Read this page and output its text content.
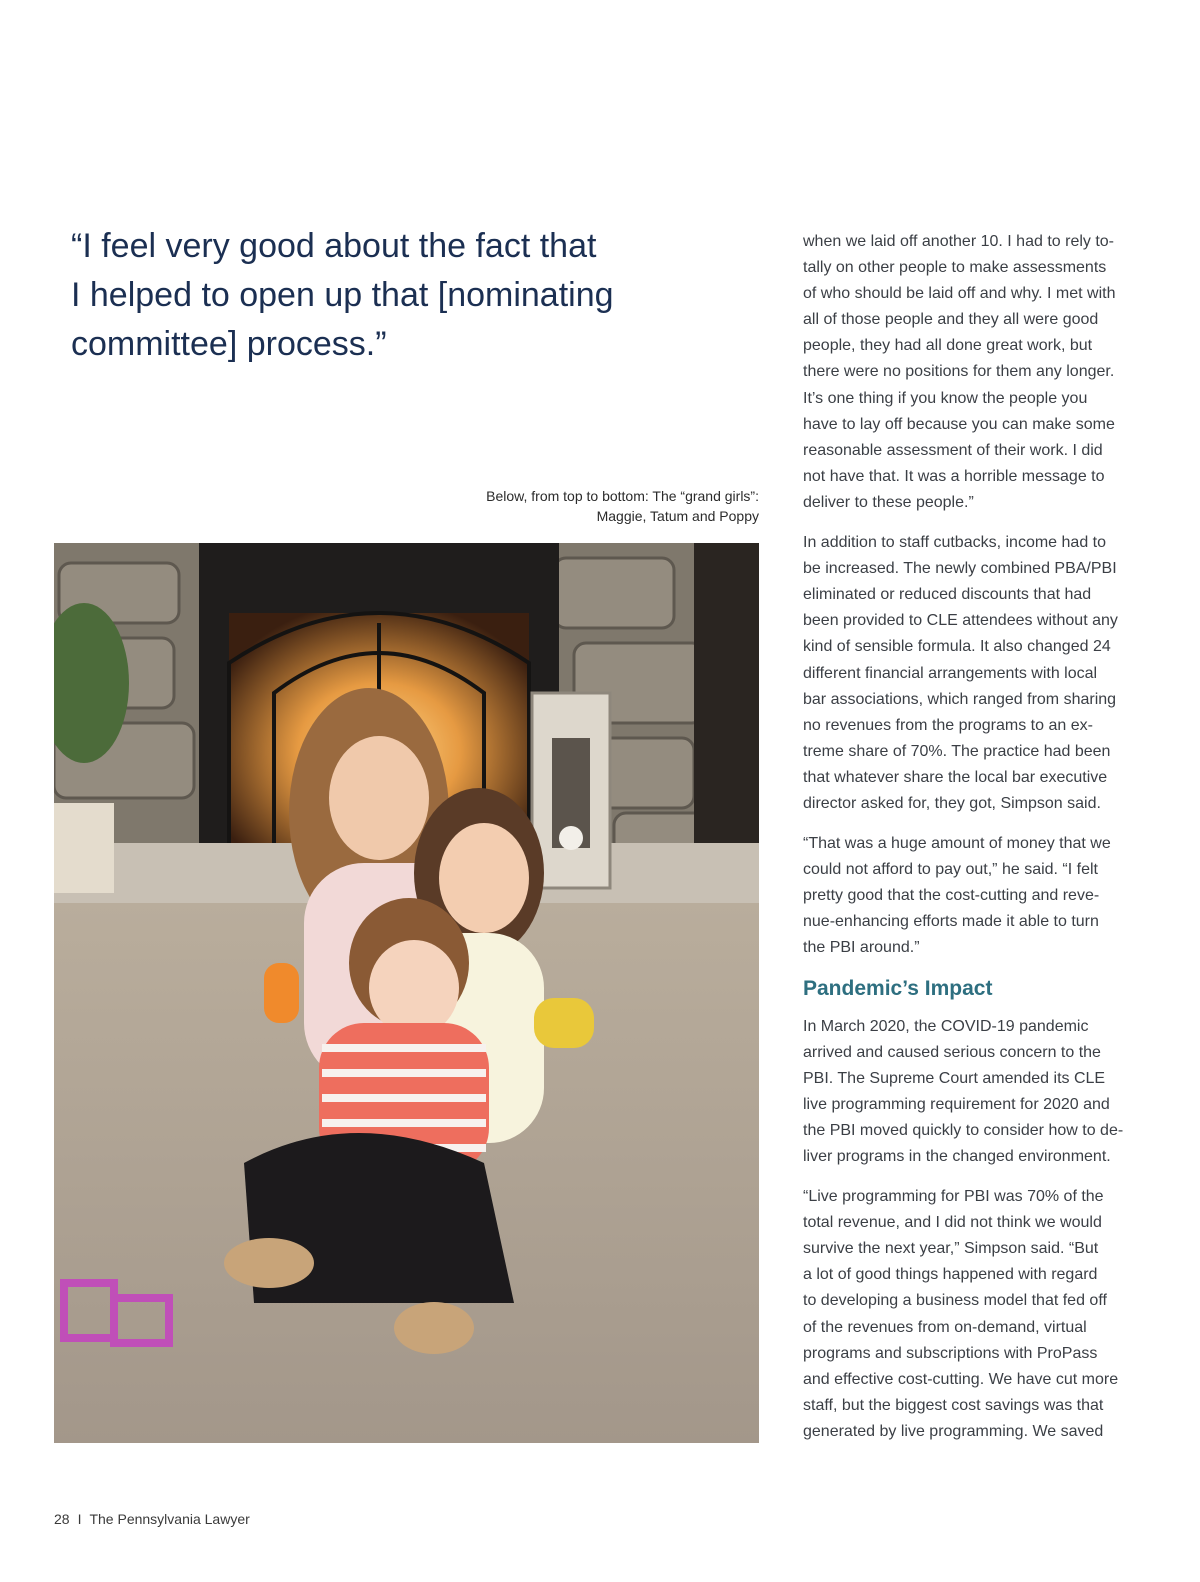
“I feel very good about the fact that
I helped to open up that [nominating
committee] process.”
Below, from top to bottom: The “grand girls”:
Maggie, Tatum and Poppy

when we laid off another 10. I had to rely to-
tally on other people to make assessments
of who should be laid off and why. I met with
all of those people and they all were good
people, they had all done great work, but
there were no positions for them any longer.
It’s one thing if you know the people you
have to lay off because you can make some
reasonable assessment of their work. I did
not have that. It was a horrible message to
deliver to these people.”

In addition to staff cutbacks, income had to
be increased. The newly combined PBA/PBI
eliminated or reduced discounts that had
been provided to CLE attendees without any
kind of sensible formula. It also changed 24
different financial arrangements with local
bar associations, which ranged from sharing
no revenues from the programs to an ex-
treme share of 70%. The practice had been
that whatever share the local bar executive
director asked for, they got, Simpson said.

“That was a huge amount of money that we
could not afford to pay out,” he said. “I felt
pretty good that the cost-cutting and reve-
nue-enhancing efforts made it able to turn
the PBI around.”

Pandemic’s Impact

In March 2020, the COVID-19 pandemic
arrived and caused serious concern to the
PBI. The Supreme Court amended its CLE
live programming requirement for 2020 and
the PBI moved quickly to consider how to de-
liver programs in the changed environment.

“Live programming for PBI was 70% of the
total revenue, and I did not think we would
survive the next year,” Simpson said. “But
a lot of good things happened with regard
to developing a business model that fed off
of the revenues from on-demand, virtual
programs and subscriptions with ProPass
and effective cost-cutting. We have cut more
staff, but the biggest cost savings was that
generated by live programming. We saved

28 I The Pennsylvania Lawyer
